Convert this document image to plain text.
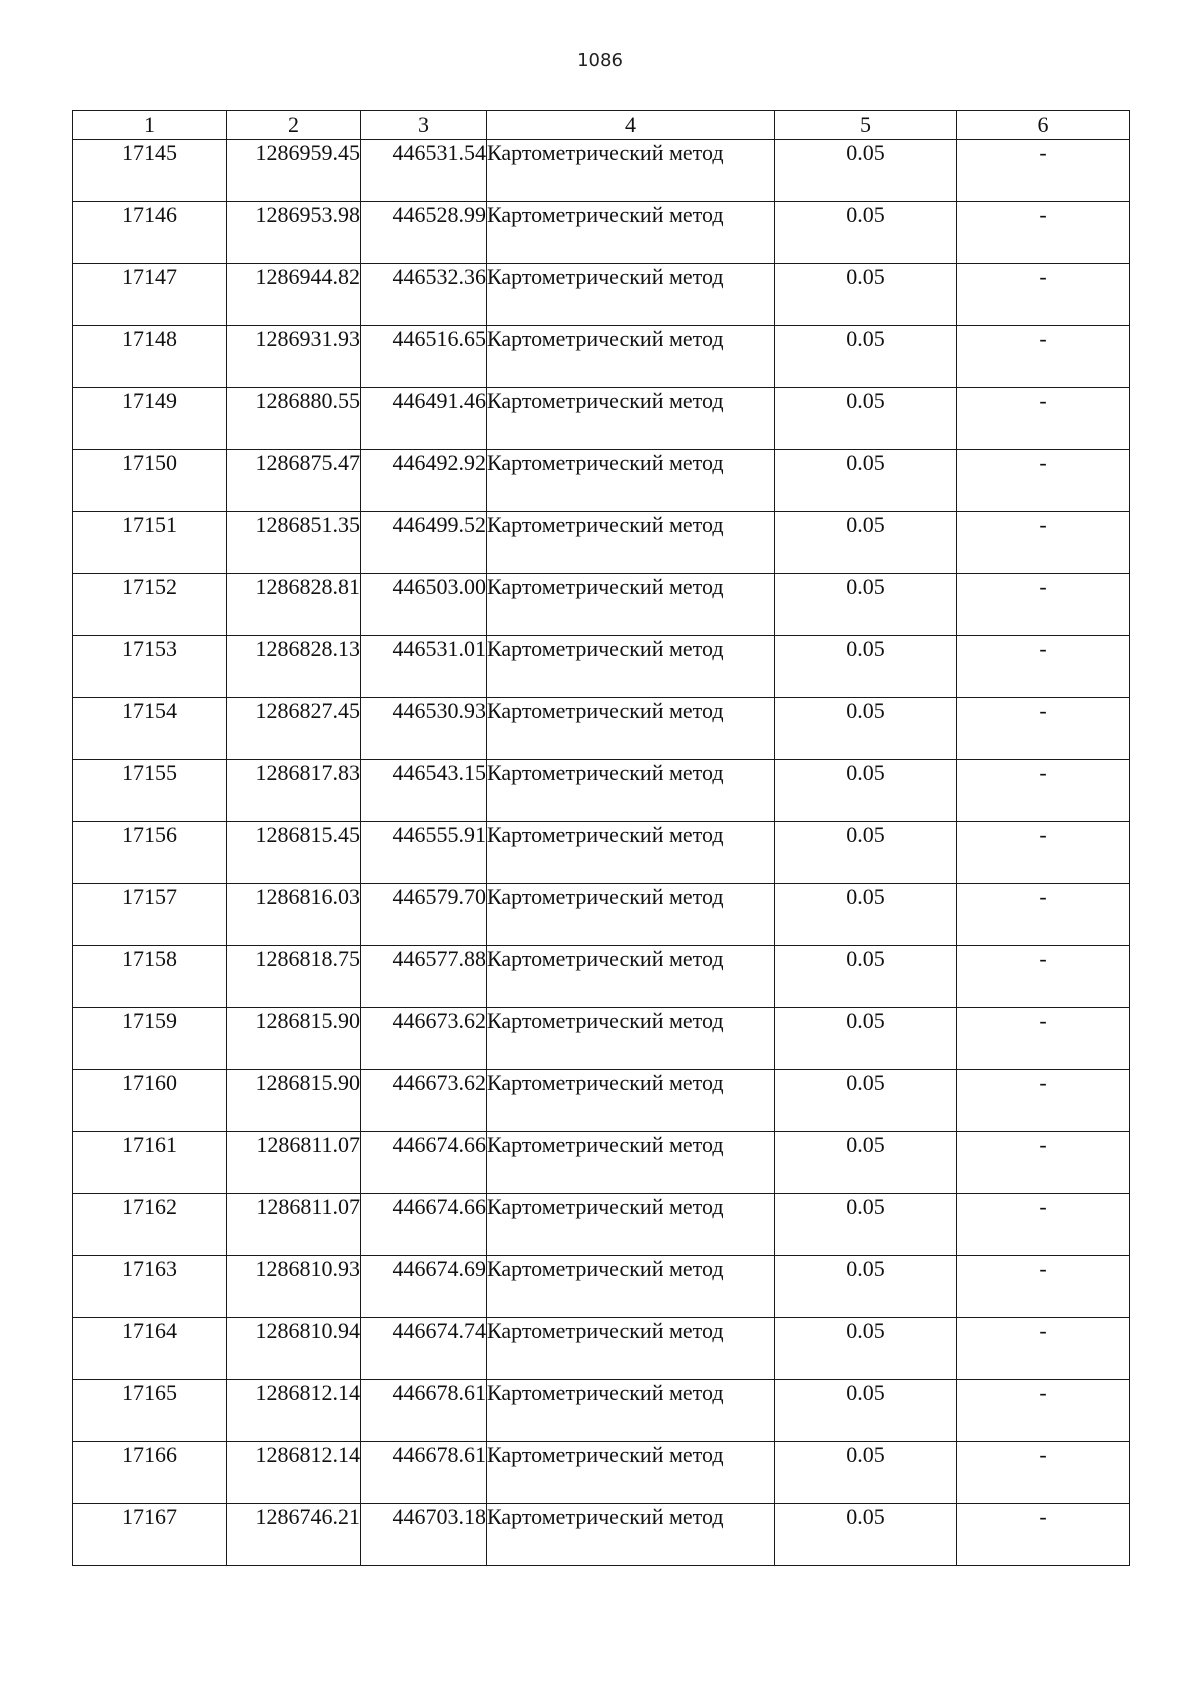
1086
1	2	3	4	5	6
17145	1286959.45	446531.54	Картометрический метод	0.05	-
17146	1286953.98	446528.99	Картометрический метод	0.05	-
17147	1286944.82	446532.36	Картометрический метод	0.05	-
17148	1286931.93	446516.65	Картометрический метод	0.05	-
17149	1286880.55	446491.46	Картометрический метод	0.05	-
17150	1286875.47	446492.92	Картометрический метод	0.05	-
17151	1286851.35	446499.52	Картометрический метод	0.05	-
17152	1286828.81	446503.00	Картометрический метод	0.05	-
17153	1286828.13	446531.01	Картометрический метод	0.05	-
17154	1286827.45	446530.93	Картометрический метод	0.05	-
17155	1286817.83	446543.15	Картометрический метод	0.05	-
17156	1286815.45	446555.91	Картометрический метод	0.05	-
17157	1286816.03	446579.70	Картометрический метод	0.05	-
17158	1286818.75	446577.88	Картометрический метод	0.05	-
17159	1286815.90	446673.62	Картометрический метод	0.05	-
17160	1286815.90	446673.62	Картометрический метод	0.05	-
17161	1286811.07	446674.66	Картометрический метод	0.05	-
17162	1286811.07	446674.66	Картометрический метод	0.05	-
17163	1286810.93	446674.69	Картометрический метод	0.05	-
17164	1286810.94	446674.74	Картометрический метод	0.05	-
17165	1286812.14	446678.61	Картометрический метод	0.05	-
17166	1286812.14	446678.61	Картометрический метод	0.05	-
17167	1286746.21	446703.18	Картометрический метод	0.05	-
